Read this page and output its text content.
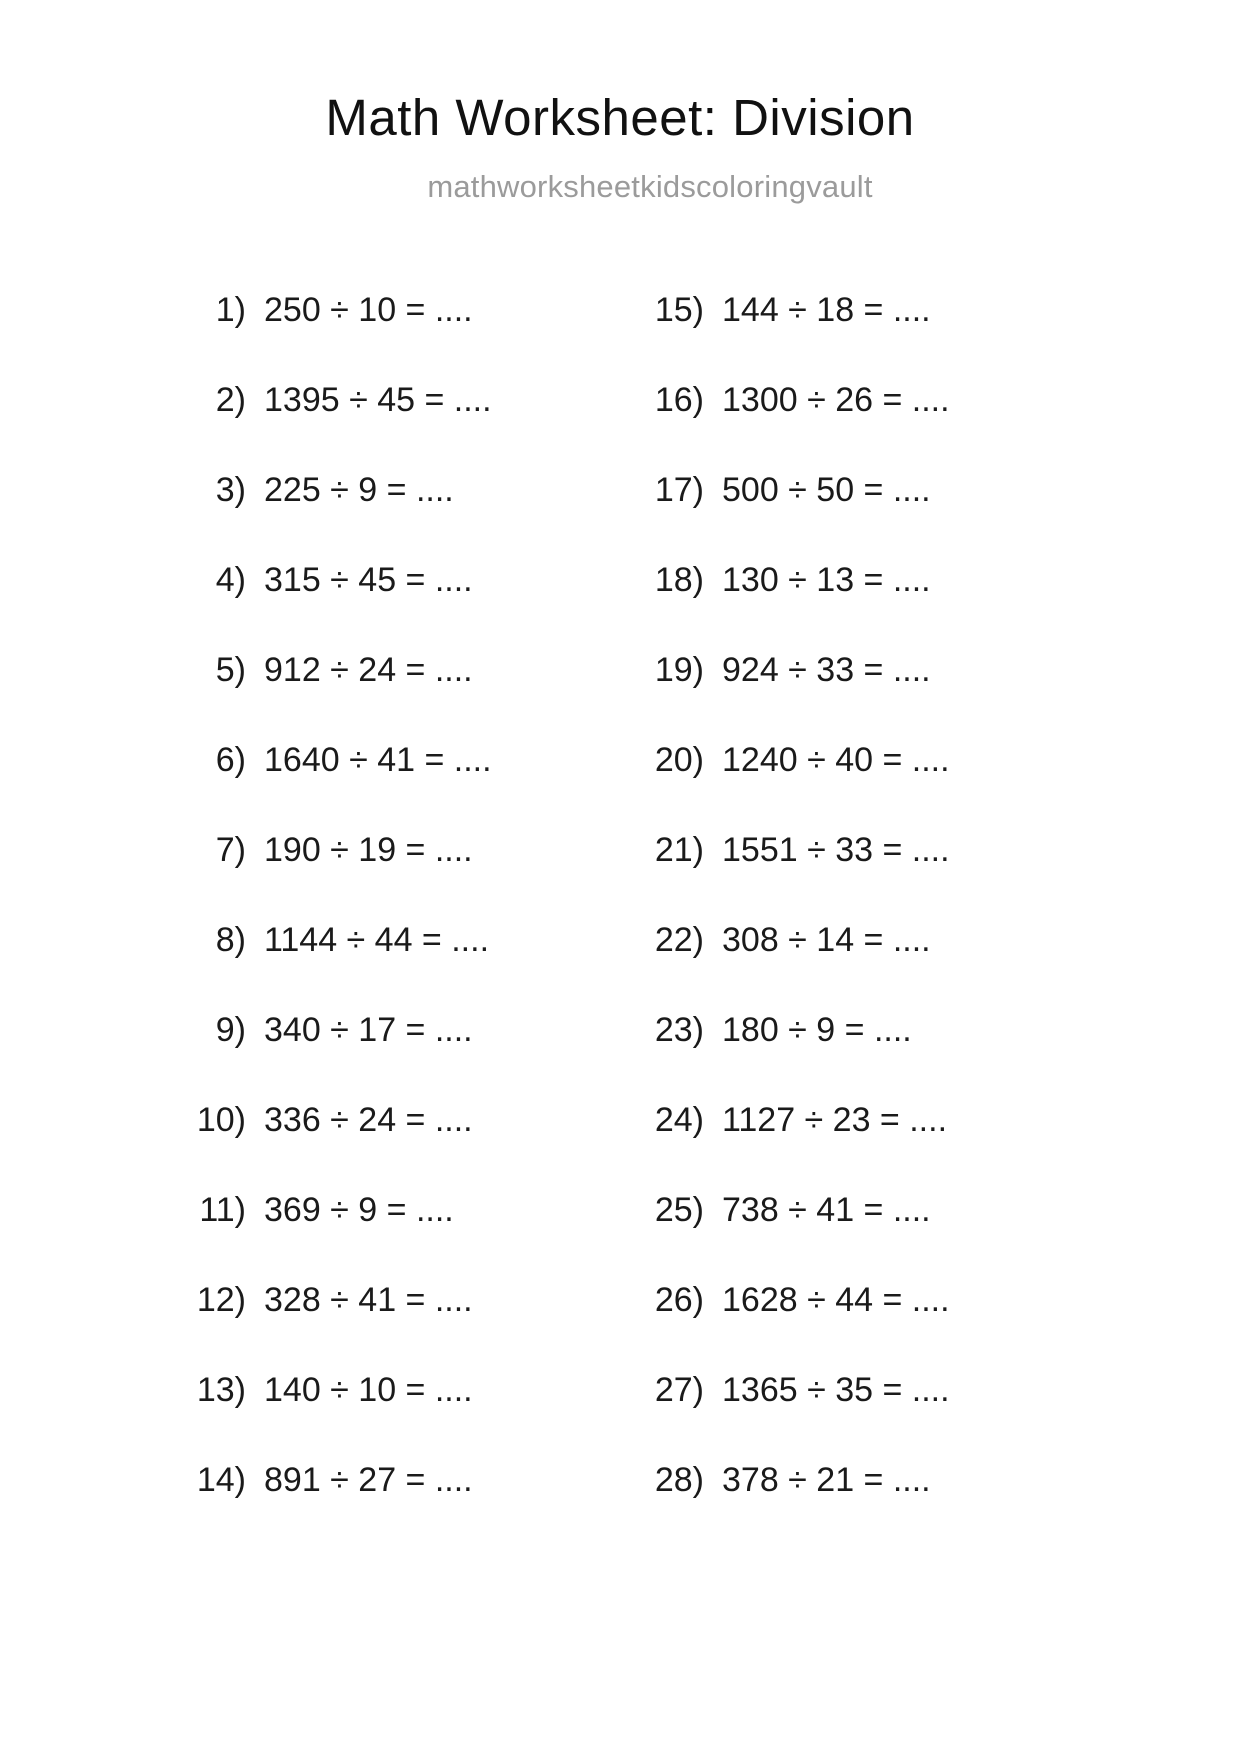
Math Worksheet: Division
mathworksheetkidscoloringvault
1) 250 ÷ 10 = ....
2) 1395 ÷ 45 = ....
3) 225 ÷ 9 = ....
4) 315 ÷ 45 = ....
5) 912 ÷ 24 = ....
6) 1640 ÷ 41 = ....
7) 190 ÷ 19 = ....
8) 1144 ÷ 44 = ....
9) 340 ÷ 17 = ....
10) 336 ÷ 24 = ....
11) 369 ÷ 9 = ....
12) 328 ÷ 41 = ....
13) 140 ÷ 10 = ....
14) 891 ÷ 27 = ....
15) 144 ÷ 18 = ....
16) 1300 ÷ 26 = ....
17) 500 ÷ 50 = ....
18) 130 ÷ 13 = ....
19) 924 ÷ 33 = ....
20) 1240 ÷ 40 = ....
21) 1551 ÷ 33 = ....
22) 308 ÷ 14 = ....
23) 180 ÷ 9 = ....
24) 1127 ÷ 23 = ....
25) 738 ÷ 41 = ....
26) 1628 ÷ 44 = ....
27) 1365 ÷ 35 = ....
28) 378 ÷ 21 = ....
